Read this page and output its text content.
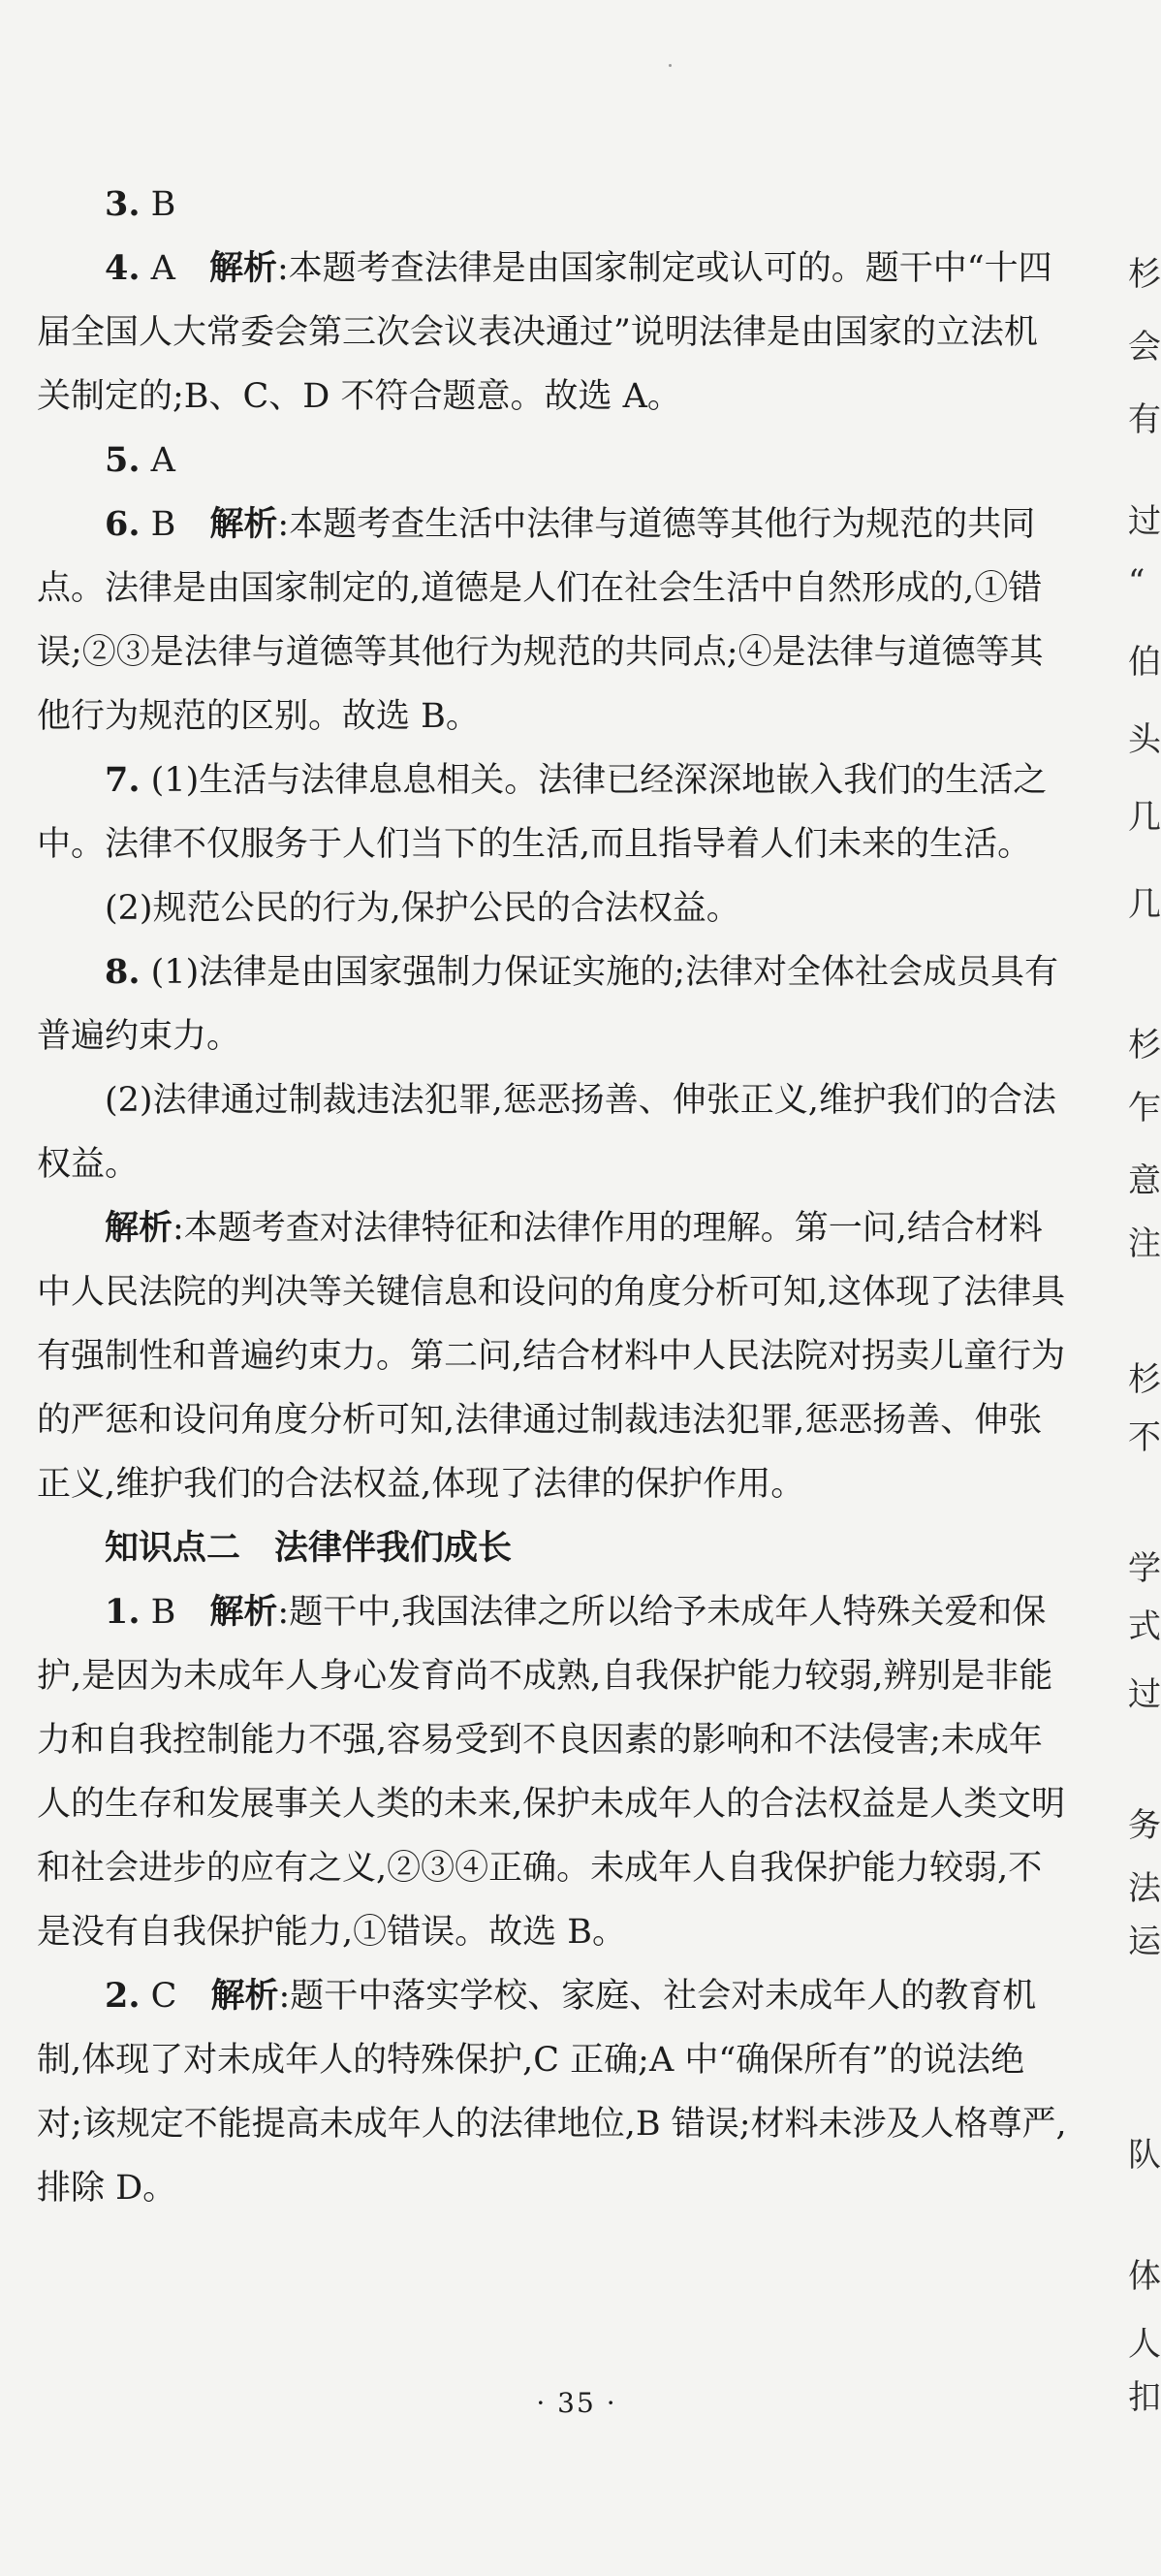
3. B

4. A　解析:本题考查法律是由国家制定或认可的。题干中“十四届全国人大常委会第三次会议表决通过”说明法律是由国家的立法机关制定的;B、C、D 不符合题意。故选 A。

5. A

6. B　解析:本题考查生活中法律与道德等其他行为规范的共同点。法律是由国家制定的,道德是人们在社会生活中自然形成的,①错误;②③是法律与道德等其他行为规范的共同点;④是法律与道德等其他行为规范的区别。故选 B。

7. (1)生活与法律息息相关。法律已经深深地嵌入我们的生活之中。法律不仅服务于人们当下的生活,而且指导着人们未来的生活。

(2)规范公民的行为,保护公民的合法权益。

8. (1)法律是由国家强制力保证实施的;法律对全体社会成员具有普遍约束力。

(2)法律通过制裁违法犯罪,惩恶扬善、伸张正义,维护我们的合法权益。

解析:本题考查对法律特征和法律作用的理解。第一问,结合材料中人民法院的判决等关键信息和设问的角度分析可知,这体现了法律具有强制性和普遍约束力。第二问,结合材料中人民法院对拐卖儿童行为的严惩和设问角度分析可知,法律通过制裁违法犯罪,惩恶扬善、伸张正义,维护我们的合法权益,体现了法律的保护作用。

知识点二　法律伴我们成长

1. B　解析:题干中,我国法律之所以给予未成年人特殊关爱和保护,是因为未成年人身心发育尚不成熟,自我保护能力较弱,辨别是非能力和自我控制能力不强,容易受到不良因素的影响和不法侵害;未成年人的生存和发展事关人类的未来,保护未成年人的合法权益是人类文明和社会进步的应有之义,②③④正确。未成年人自我保护能力较弱,不是没有自我保护能力,①错误。故选 B。

2. C　解析:题干中落实学校、家庭、社会对未成年人的教育机制,体现了对未成年人的特殊保护,C 正确;A 中“确保所有”的说法绝对;该规定不能提高未成年人的法律地位,B 错误;材料未涉及人格尊严,排除 D。

· 35 ·
杉
会
有
过
“
伯
头
几
几
杉
乍
意
注
杉
不
学
式
过
务
法
运
队
体
人
扣
